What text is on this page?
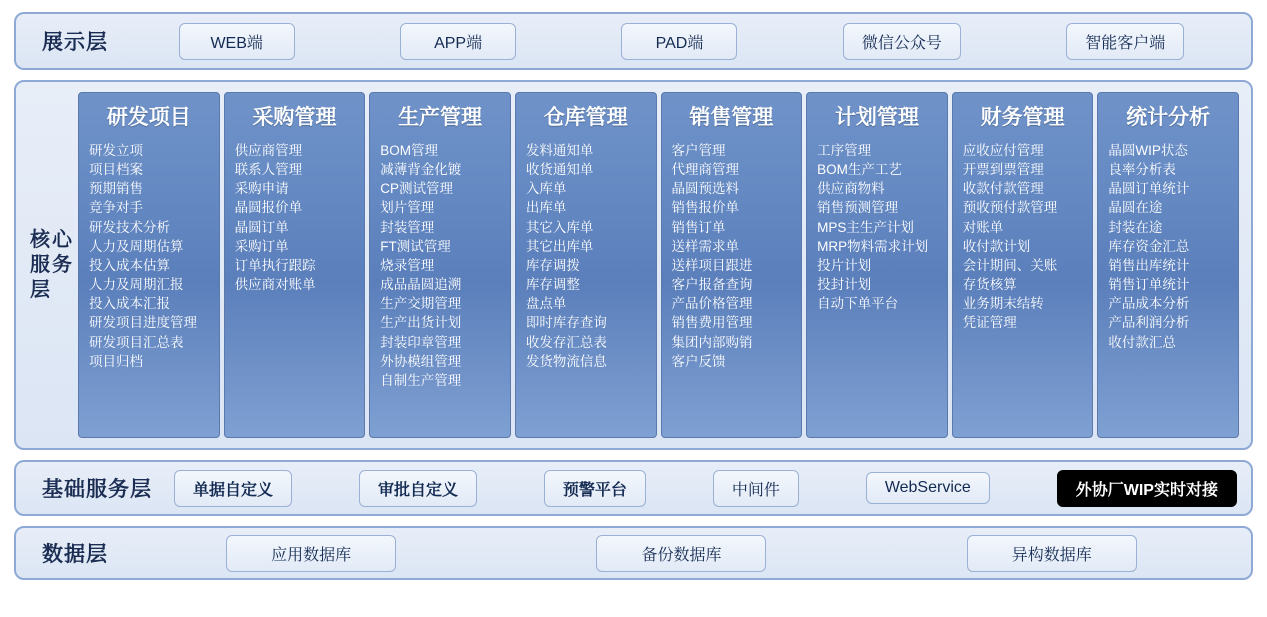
展示层	WEB端	APP端	PAD端	微信公众号	智能客户端
核心服务层
研发项目
研发立项
项目档案
预期销售
竞争对手
研发技术分析
人力及周期估算
投入成本估算
人力及周期汇报
投入成本汇报
研发项目进度管理
研发项目汇总表
项目归档
采购管理
供应商管理
联系人管理
采购申请
晶圆报价单
晶圆订单
采购订单
订单执行跟踪
供应商对账单
生产管理
BOM管理
减薄背金化镀
CP测试管理
划片管理
封装管理
FT测试管理
烧录管理
成品晶圆追溯
生产交期管理
生产出货计划
封装印章管理
外协模组管理
自制生产管理
仓库管理
发料通知单
收货通知单
入库单
出库单
其它入库单
其它出库单
库存调拨
库存调整
盘点单
即时库存查询
收发存汇总表
发货物流信息
销售管理
客户管理
代理商管理
晶圆预选料
销售报价单
销售订单
送样需求单
送样项目跟进
客户报备查询
产品价格管理
销售费用管理
集团内部购销
客户反馈
计划管理
工序管理
BOM生产工艺
供应商物料
销售预测管理
MPS主生产计划
MRP物料需求计划
投片计划
投封计划
自动下单平台
财务管理
应收应付管理
开票到票管理
收款付款管理
预收预付款管理
对账单
收付款计划
会计期间、关账
存货核算
业务期末结转
凭证管理
统计分析
晶圆WIP状态
良率分析表
晶圆订单统计
晶圆在途
封装在途
库存资金汇总
销售出库统计
销售订单统计
产品成本分析
产品利润分析
收付款汇总
基础服务层	单据自定义	审批自定义	预警平台	中间件	WebService	外协厂WIP实时对接
数据层	应用数据库	备份数据库	异构数据库
